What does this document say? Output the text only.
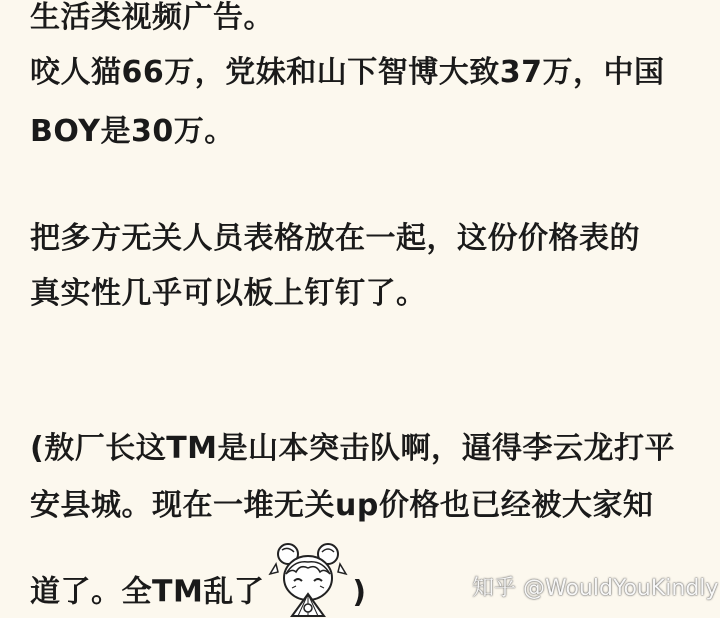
生活类视频广告。
咬人猫66万，党妹和山下智博大致37万，中国
BOY是30万。
把多方无关人员表格放在一起，这份价格表的
真实性几乎可以板上钉钉了。
(敖厂长这TM是山本突击队啊，逼得李云龙打平
安县城。现在一堆无关up价格也已经被大家知
道了。全TM乱了	)	知乎 @WouldYouKindly
